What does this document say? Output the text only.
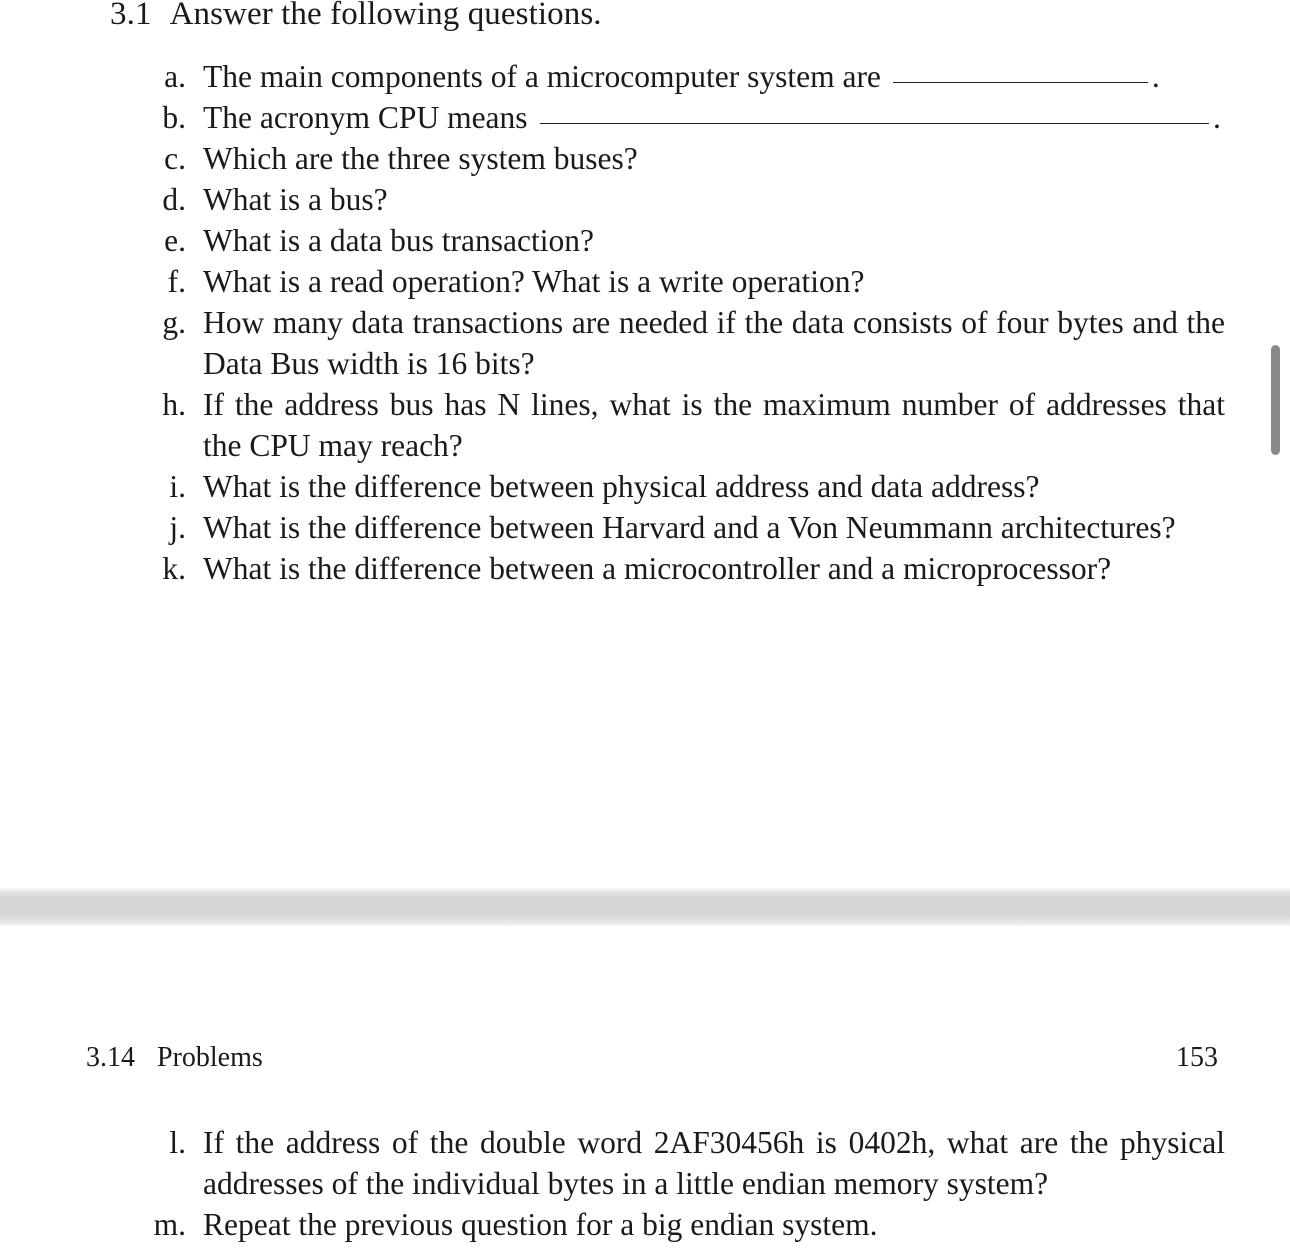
3.1 Answer the following questions.
a. The main components of a microcomputer system are	.
b. The acronym CPU means	.
c. Which are the three system buses?
d. What is a bus?
e. What is a data bus transaction?
f. What is a read operation? What is a write operation?
g. How many data transactions are needed if the data consists of four bytes and the Data Bus width is 16 bits?
h. If the address bus has N lines, what is the maximum number of addresses that the CPU may reach?
i. What is the difference between physical address and data address?
j. What is the difference between Harvard and a Von Neummann architectures?
k. What is the difference between a microcontroller and a microprocessor?
3.14 Problems	153
l. If the address of the double word 2AF30456h is 0402h, what are the physical addresses of the individual bytes in a little endian memory system?
m. Repeat the previous question for a big endian system.
